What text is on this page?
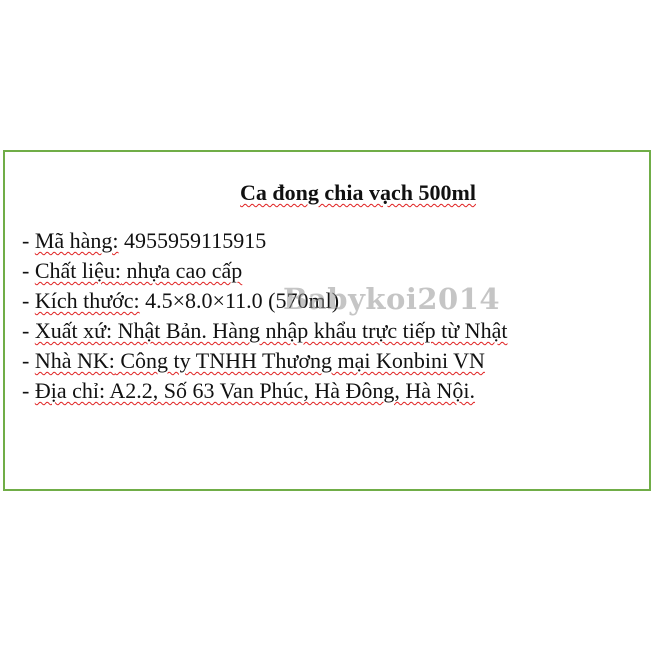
Ca đong chia vạch 500ml
- Mã hàng: 4955959115915
- Chất liệu: nhựa cao cấp
- Kích thước: 4.5×8.0×11.0 (570ml)
- Xuất xứ: Nhật Bản. Hàng nhập khẩu trực tiếp từ Nhật
- Nhà NK: Công ty TNHH Thương mại Konbini VN
- Địa chỉ: A2.2, Số 63 Van Phúc, Hà Đông, Hà Nội.
Babykoi2014
